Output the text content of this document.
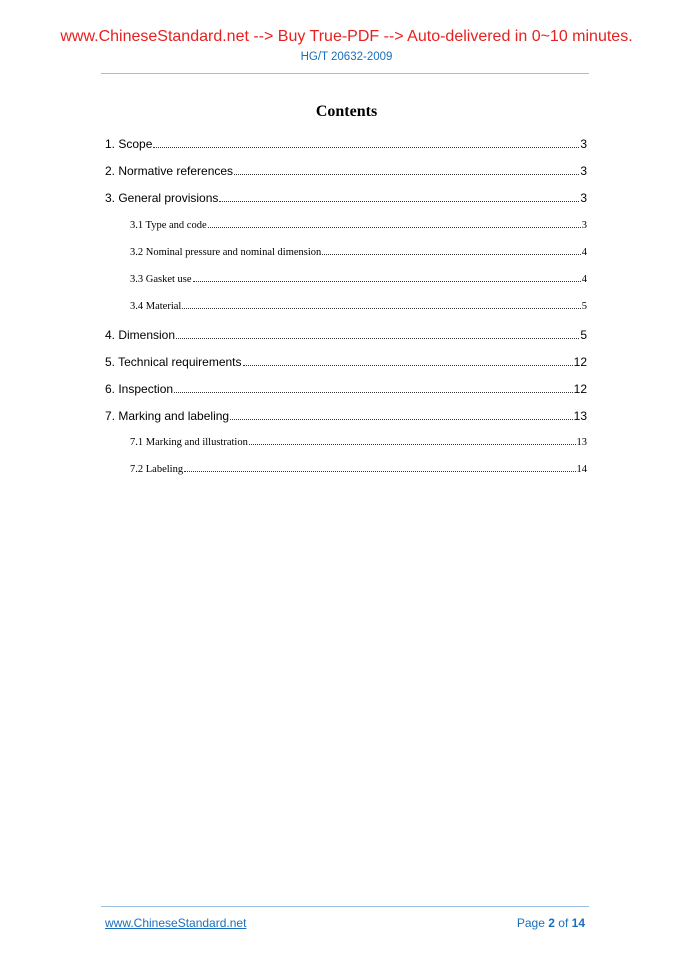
www.ChineseStandard.net --> Buy True-PDF --> Auto-delivered in 0~10 minutes.
HG/T 20632-2009
Contents
1. Scope	3
2. Normative references	3
3. General provisions	3
3.1 Type and code	3
3.2 Nominal pressure and nominal dimension	4
3.3 Gasket use	4
3.4 Material	5
4. Dimension	5
5. Technical requirements	12
6. Inspection	12
7. Marking and labeling	13
7.1 Marking and illustration	13
7.2 Labeling	14
www.ChineseStandard.net	Page 2 of 14
